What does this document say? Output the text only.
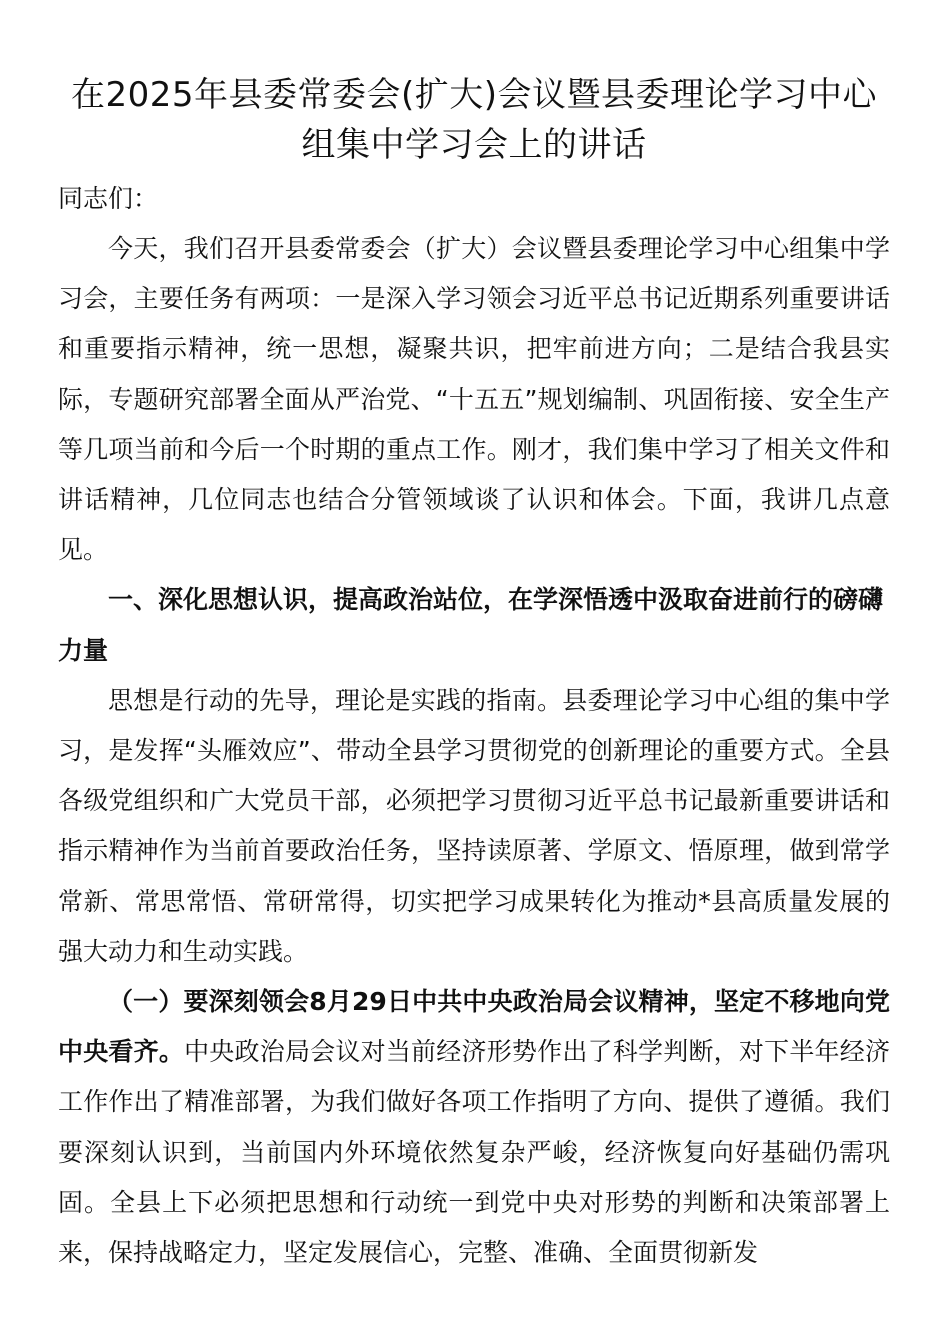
在2025年县委常委会(扩大)会议暨县委理论学习中心
组集中学习会上的讲话

同志们：

今天，我们召开县委常委会（扩大）会议暨县委理论学习中心组集中学习会，主要任务有两项：一是深入学习领会习近平总书记近期系列重要讲话和重要指示精神，统一思想，凝聚共识，把牢前进方向；二是结合我县实际，专题研究部署全面从严治党、“十五五”规划编制、巩固衔接、安全生产等几项当前和今后一个时期的重点工作。刚才，我们集中学习了相关文件和讲话精神，几位同志也结合分管领域谈了认识和体会。下面，我讲几点意见。

一、深化思想认识，提高政治站位，在学深悟透中汲取奋进前行的磅礴力量

思想是行动的先导，理论是实践的指南。县委理论学习中心组的集中学习，是发挥“头雁效应”、带动全县学习贯彻党的创新理论的重要方式。全县各级党组织和广大党员干部，必须把学习贯彻习近平总书记最新重要讲话和指示精神作为当前首要政治任务，坚持读原著、学原文、悟原理，做到常学常新、常思常悟、常研常得，切实把学习成果转化为推动*县高质量发展的强大动力和生动实践。

（一）要深刻领会8月29日中共中央政治局会议精神，坚定不移地向党中央看齐。中央政治局会议对当前经济形势作出了科学判断，对下半年经济工作作出了精准部署，为我们做好各项工作指明了方向、提供了遵循。我们要深刻认识到，当前国内外环境依然复杂严峻，经济恢复向好基础仍需巩固。全县上下必须把思想和行动统一到党中央对形势的判断和决策部署上来，保持战略定力，坚定发展信心，完整、准确、全面贯彻新发
